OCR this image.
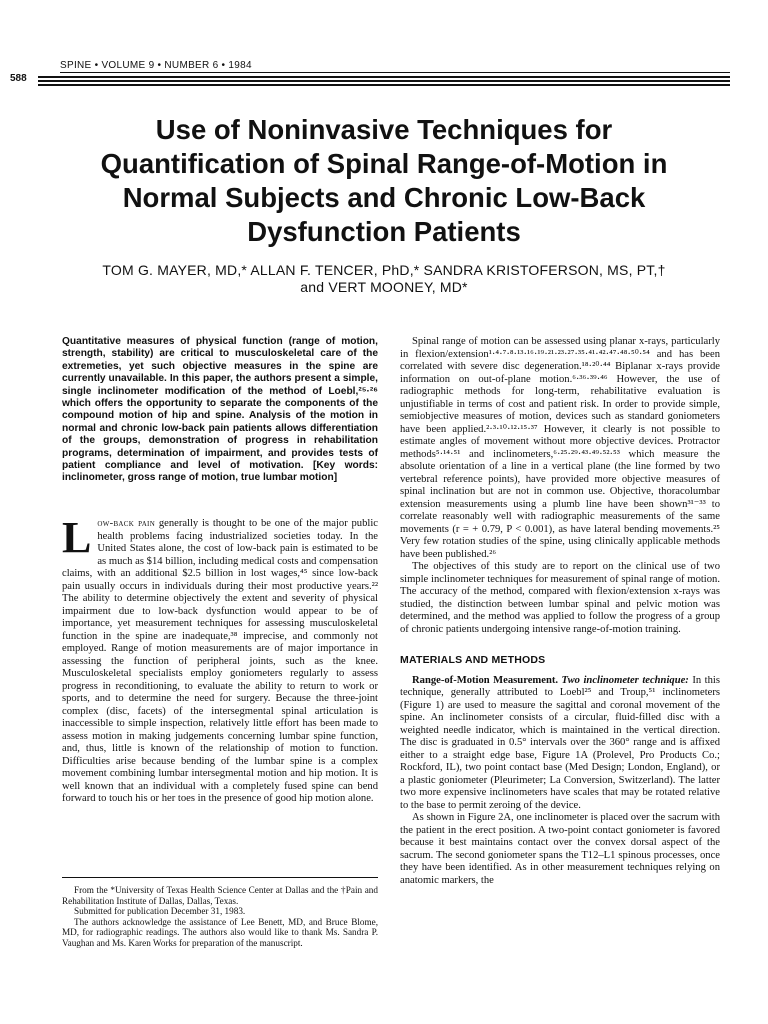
SPINE • VOLUME 9 • NUMBER 6 • 1984
588
Use of Noninvasive Techniques for
Quantification of Spinal Range-of-Motion in
Normal Subjects and Chronic Low-Back
Dysfunction Patients
TOM G. MAYER, MD,* ALLAN F. TENCER, PhD,* SANDRA KRISTOFERSON, MS, PT,†
and VERT MOONEY, MD*

Quantitative measures of physical function (range of motion, strength, stability) are critical to musculoskeletal care of the extremeties, yet such objective measures in the spine are currently unavailable. In this paper, the authors present a simple, single inclinometer modification of the method of Loebl,²⁵·²⁶ which offers the opportunity to separate the components of the compound motion of hip and spine. Analysis of the motion in normal and chronic low-back pain patients allows differentiation of the groups, demonstration of progress in rehabilitation programs, determination of impairment, and provides tests of patient compliance and level of motivation. [Key words: inclinometer, gross range of motion, true lumbar motion]

Low-back pain generally is thought to be one of the major public health problems facing industrialized societies today. In the United States alone, the cost of low-back pain is estimated to be as much as $14 billion, including medical costs and compensation claims, with an additional $2.5 billion in lost wages,⁴⁵ since low-back pain usually occurs in individuals during their most productive years.²² The ability to determine objectively the extent and severity of physical impairment due to low-back dysfunction would appear to be of importance, yet measurement techniques for assessing musculoskeletal function in the spine are inadequate,³⁸ imprecise, and commonly not employed. Range of motion measurements are of major importance in assessing the function of peripheral joints, such as the knee. Musculoskeletal specialists employ goniometers regularly to assess progress in reconditioning, to evaluate the ability to return to work or sports, and to determine the need for surgery. Because the three-joint complex (disc, facets) of the intersegmental spinal articulation is inaccessible to simple inspection, relatively little effort has been made to assess motion in making judgements concerning lumbar spine function, and, thus, little is known of the relationship of motion to function. Difficulties arise because bending of the lumbar spine is a complex movement combining lumbar intersegmental motion and hip motion. It is well known that an individual with a completely fused spine can bend forward to touch his or her toes in the presence of good hip motion alone.

From the *University of Texas Health Science Center at Dallas and the †Pain and Rehabilitation Institute of Dallas, Dallas, Texas.

Submitted for publication December 31, 1983.

The authors acknowledge the assistance of Lee Benett, MD, and Bruce Blome, MD, for radiographic readings. The authors also would like to thank Ms. Sandra P. Vaughan and Ms. Karen Works for preparation of the manuscript.

Spinal range of motion can be assessed using planar x-rays, particularly in flexion/extension¹·⁴·⁷·⁸·¹³·¹⁶·¹⁹·²¹·²³·²⁷·³⁵·⁴¹·⁴²·⁴⁷·⁴⁸·⁵⁰·⁵⁴ and has been correlated with severe disc degeneration.¹⁸·²⁰·⁴⁴ Biplanar x-rays provide information on out-of-plane motion.⁶·³⁶·³⁹·⁴⁶ However, the use of radiographic methods for long-term, rehabilitative evaluation is unjustifiable in terms of cost and patient risk. In order to provide simple, semiobjective measures of motion, devices such as standard goniometers have been applied.²·³·¹⁰·¹²·¹⁵·³⁷ However, it clearly is not possible to estimate angles of movement without more objective devices. Protractor methods⁵·¹⁴·⁵¹ and inclinometers,⁶·²⁵·²⁹·⁴³·⁴⁹·⁵²·⁵³ which measure the absolute orientation of a line in a vertical plane (the line formed by two vertebral reference points), have provided more objective measures of spinal inclination but are not in common use. Objective, thoracolumbar extension measurements using a plumb line have been shown³¹⁻³³ to correlate reasonably well with radiographic measurements of the same movements (r = + 0.79, P < 0.001), as have lateral bending movements.²⁵ Very few rotation studies of the spine, using clinically applicable methods have been published.²⁶

The objectives of this study are to report on the clinical use of two simple inclinometer techniques for measurement of spinal range of motion. The accuracy of the method, compared with flexion/extension x-rays was studied, the distinction between lumbar spinal and pelvic motion was determined, and the method was applied to follow the progress of a group of chronic patients undergoing intensive range-of-motion training.

MATERIALS AND METHODS

Range-of-Motion Measurement. Two inclinometer technique: In this technique, generally attributed to Loebl²⁵ and Troup,⁵¹ inclinometers (Figure 1) are used to measure the sagittal and coronal movement of the spine. An inclinometer consists of a circular, fluid-filled disc with a weighted needle indicator, which is maintained in the vertical direction. The disc is graduated in 0.5° intervals over the 360° range and is affixed either to a straight edge base, Figure 1A (Prolevel, Pro Products Co.; Rockford, IL), two point contact base (Med Design; London, England), or a plastic goniometer (Pleurimeter; La Conversion, Switzerland). The latter two more expensive inclinometers have scales that may be rotated relative to the base to permit zeroing of the device.

As shown in Figure 2A, one inclinometer is placed over the sacrum with the patient in the erect position. A two-point contact goniometer is favored because it best maintains contact over the convex dorsal aspect of the sacrum. The second goniometer spans the T12–L1 spinous processes, once they have been identified. As in other measurement techniques relying on anatomic markers, the
